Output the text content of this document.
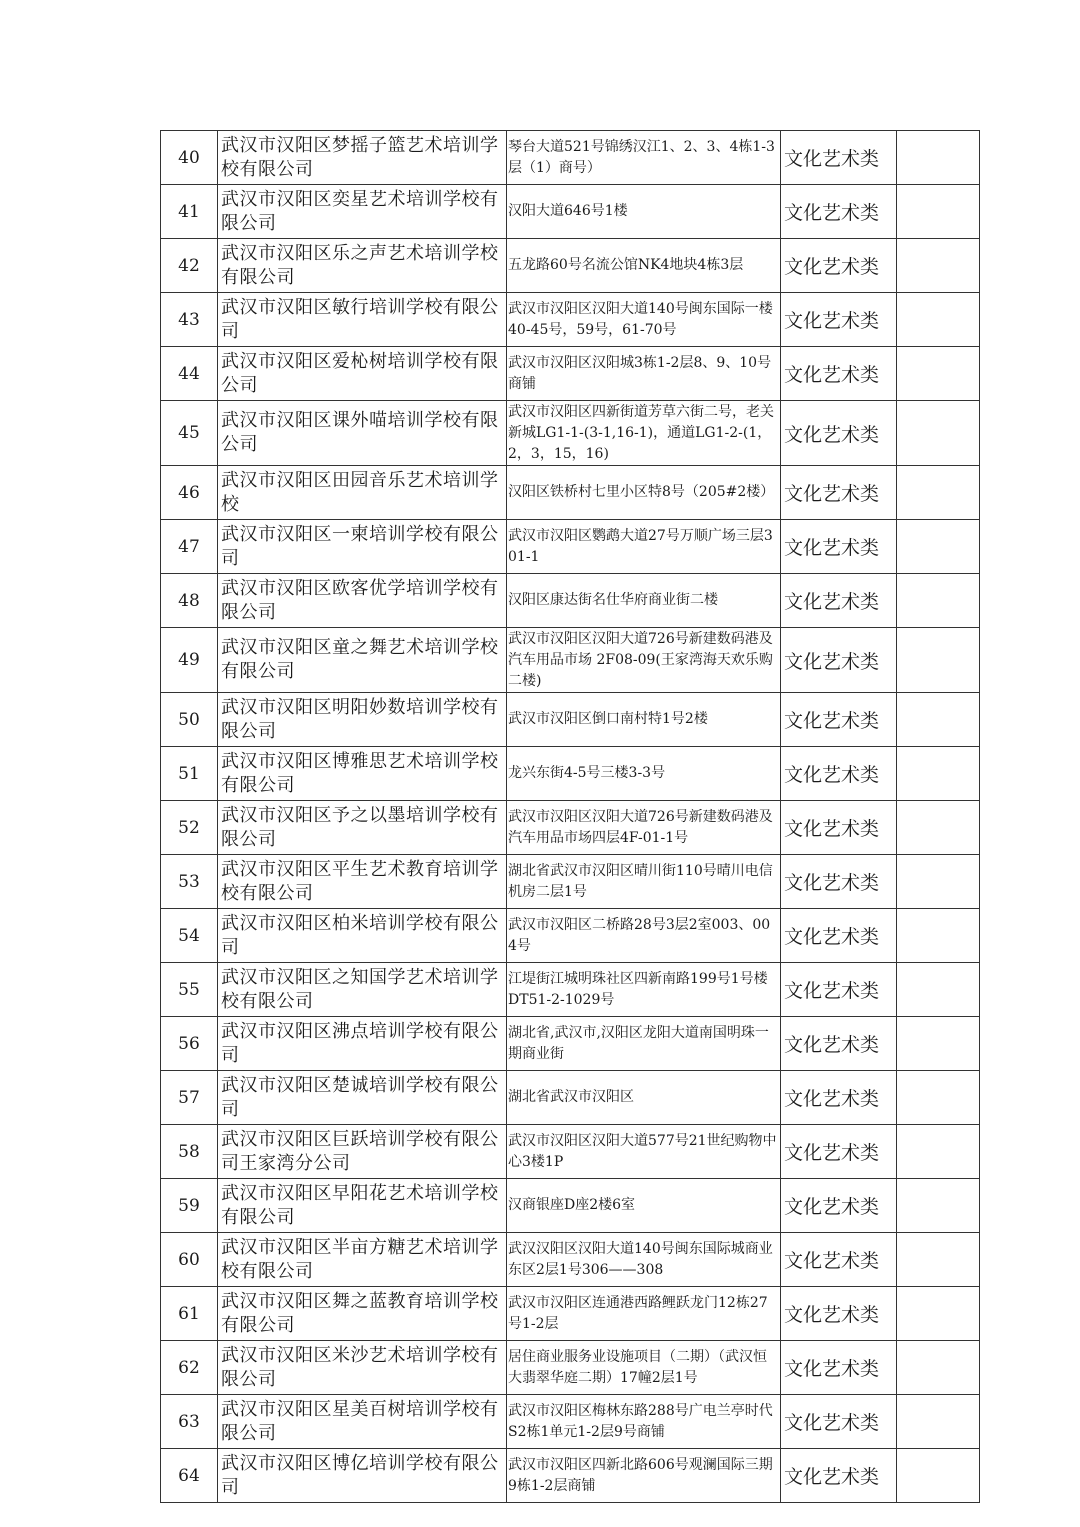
40	武汉市汉阳区梦摇子篮艺术培训学校有限公司	琴台大道521号锦绣汉江1、2、3、4栋1-3层（1）商号）	文化艺术类	
41	武汉市汉阳区奕星艺术培训学校有限公司	汉阳大道646号1楼	文化艺术类	
42	武汉市汉阳区乐之声艺术培训学校有限公司	五龙路60号名流公馆NK4地块4栋3层	文化艺术类	
43	武汉市汉阳区敏行培训学校有限公司	武汉市汉阳区汉阳大道140号闽东国际一楼40-45号，59号，61-70号	文化艺术类	
44	武汉市汉阳区爱杺树培训学校有限公司	武汉市汉阳区汉阳城3栋1-2层8、9、10号商铺	文化艺术类	
45	武汉市汉阳区课外喵培训学校有限公司	武汉市汉阳区四新街道芳草六街二号，老关新城LG1-1-(3-1,16-1)，通道LG1-2-(1，2，3，15，16)	文化艺术类	
46	武汉市汉阳区田园音乐艺术培训学校	汉阳区铁桥村七里小区特8号（205#2楼）	文化艺术类	
47	武汉市汉阳区一柬培训学校有限公司	武汉市汉阳区鹦鹉大道27号万顺广场三层301-1	文化艺术类	
48	武汉市汉阳区欧客优学培训学校有限公司	汉阳区康达街名仕华府商业街二楼	文化艺术类	
49	武汉市汉阳区童之舞艺术培训学校有限公司	武汉市汉阳区汉阳大道726号新建数码港及汽车用品市场 2F08-09(王家湾海天欢乐购二楼)	文化艺术类	
50	武汉市汉阳区明阳妙数培训学校有限公司	武汉市汉阳区倒口南村特1号2楼	文化艺术类	
51	武汉市汉阳区博雅思艺术培训学校有限公司	龙兴东街4-5号三楼3-3号	文化艺术类	
52	武汉市汉阳区予之以墨培训学校有限公司	武汉市汉阳区汉阳大道726号新建数码港及汽车用品市场四层4F-01-1号	文化艺术类	
53	武汉市汉阳区平生艺术教育培训学校有限公司	湖北省武汉市汉阳区晴川街110号晴川电信机房二层1号	文化艺术类	
54	武汉市汉阳区柏米培训学校有限公司	武汉市汉阳区二桥路28号3层2室003、004号	文化艺术类	
55	武汉市汉阳区之知国学艺术培训学校有限公司	江堤街江城明珠社区四新南路199号1号楼DT51-2-1029号	文化艺术类	
56	武汉市汉阳区沸点培训学校有限公司	湖北省,武汉市,汉阳区龙阳大道南国明珠一期商业街	文化艺术类	
57	武汉市汉阳区楚诚培训学校有限公司	湖北省武汉市汉阳区	文化艺术类	
58	武汉市汉阳区巨跃培训学校有限公司王家湾分公司	武汉市汉阳区汉阳大道577号21世纪购物中心3楼1P	文化艺术类	
59	武汉市汉阳区早阳花艺术培训学校有限公司	汉商银座D座2楼6室	文化艺术类	
60	武汉市汉阳区半亩方糖艺术培训学校有限公司	武汉汉阳区汉阳大道140号闽东国际城商业东区2层1号306——308	文化艺术类	
61	武汉市汉阳区舞之蓝教育培训学校有限公司	武汉市汉阳区连通港西路鲤跃龙门12栋27号1-2层	文化艺术类	
62	武汉市汉阳区米沙艺术培训学校有限公司	居住商业服务业设施项目（二期）（武汉恒大翡翠华庭二期）17幢2层1号	文化艺术类	
63	武汉市汉阳区星美百树培训学校有限公司	武汉市汉阳区梅林东路288号广电兰亭时代S2栋1单元1-2层9号商铺	文化艺术类	
64	武汉市汉阳区博亿培训学校有限公司	武汉市汉阳区四新北路606号观澜国际三期9栋1-2层商铺	文化艺术类	
